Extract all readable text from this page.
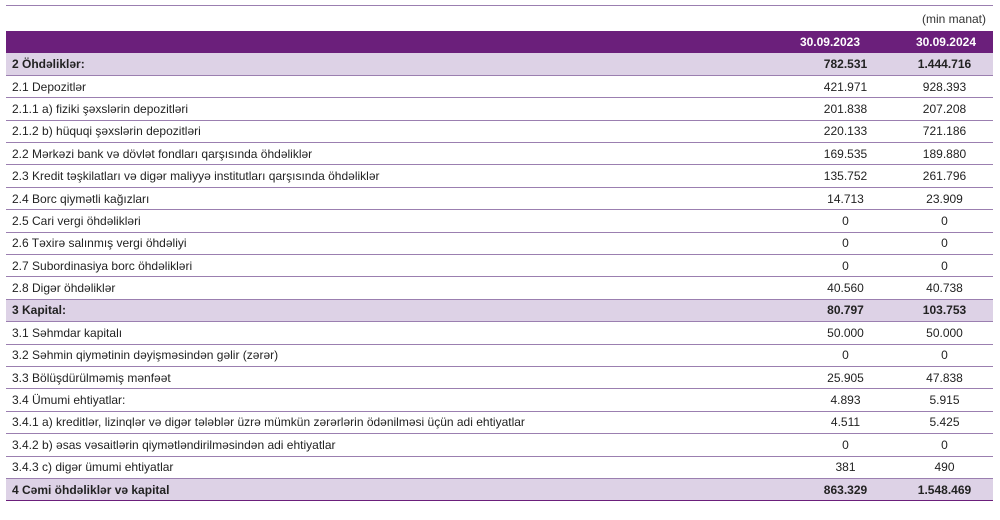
(min manat)
	30.09.2023	30.09.2024
2 Öhdəliklər:	782.531	1.444.716
2.1 Depozitlər	421.971	928.393
2.1.1 a) fiziki şəxslərin depozitləri	201.838	207.208
2.1.2 b) hüquqi şəxslərin depozitləri	220.133	721.186
2.2 Mərkəzi bank və dövlət fondları qarşısında öhdəliklər	169.535	189.880
2.3 Kredit təşkilatları və digər maliyyə institutları qarşısında öhdəliklər	135.752	261.796
2.4 Borc qiymətli kağızları	14.713	23.909
2.5 Cari vergi öhdəlikləri	0	0
2.6 Təxirə salınmış vergi öhdəliyi	0	0
2.7 Subordinasiya borc öhdəlikləri	0	0
2.8 Digər öhdəliklər	40.560	40.738
3 Kapital:	80.797	103.753
3.1 Səhmdar kapitalı	50.000	50.000
3.2 Səhmin qiymətinin dəyişməsindən gəlir (zərər)	0	0
3.3 Bölüşdürülməmiş mənfəət	25.905	47.838
3.4 Ümumi ehtiyatlar:	4.893	5.915
3.4.1 a) kreditlər, lizinqlər və digər tələblər üzrə mümkün zərərlərin ödənilməsi üçün adi ehtiyatlar	4.511	5.425
3.4.2 b) əsas vəsaitlərin qiymətləndirilməsindən adi ehtiyatlar	0	0
3.4.3 c) digər ümumi ehtiyatlar	381	490
4 Cəmi öhdəliklər və kapital	863.329	1.548.469
